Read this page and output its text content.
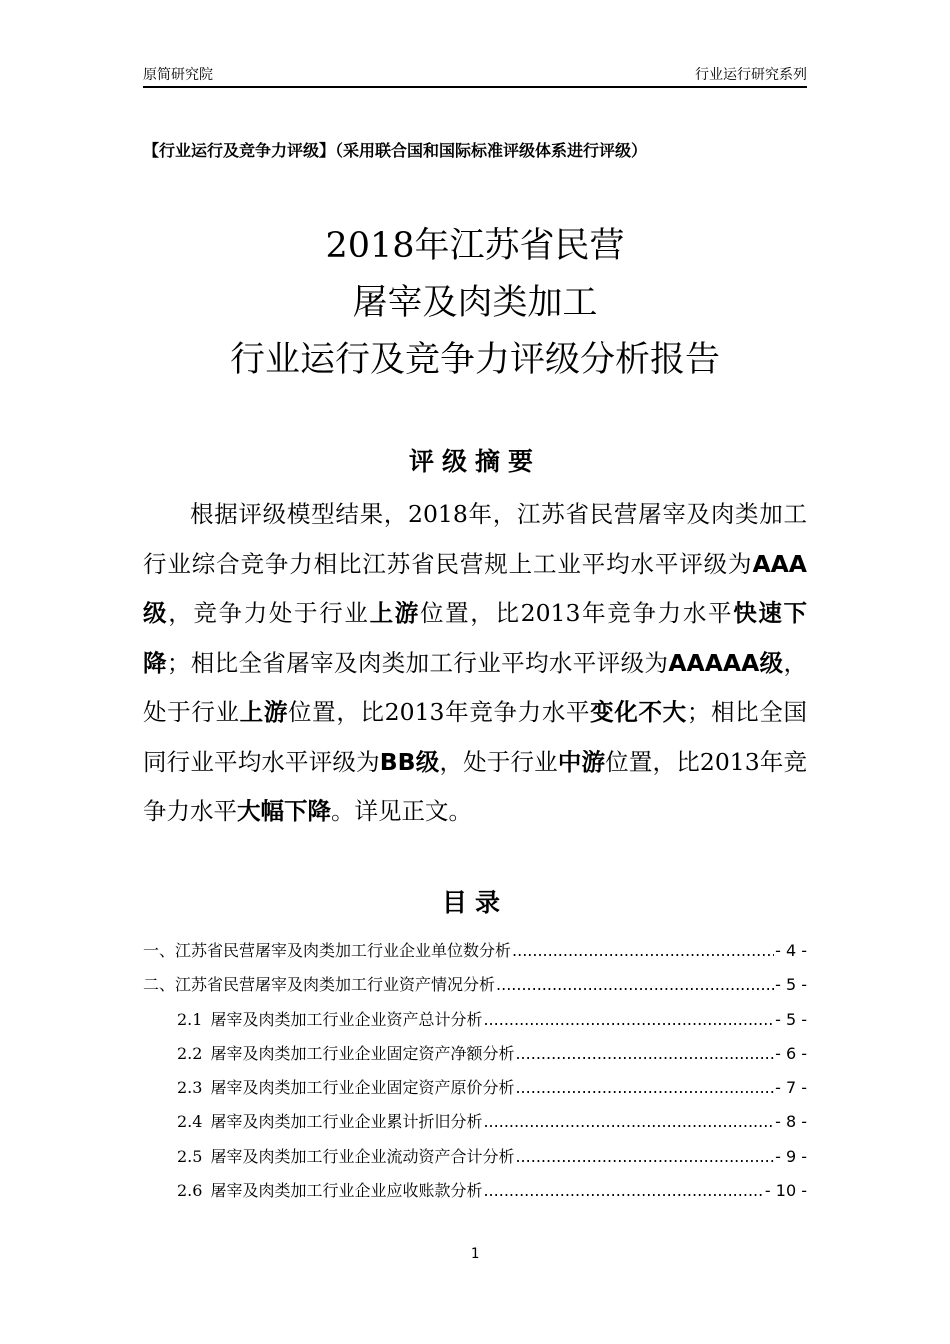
原简研究院	行业运行研究系列
【行业运行及竞争力评级】（采用联合国和国际标准评级体系进行评级）
2018年江苏省民营
屠宰及肉类加工
行业运行及竞争力评级分析报告
评级摘要

根据评级模型结果，2018年，江苏省民营屠宰及肉类加工行业综合竞争力相比江苏省民营规上工业平均水平评级为AAA级，竞争力处于行业上游位置，比2013年竞争力水平快速下降；相比全省屠宰及肉类加工行业平均水平评级为AAAAA级，处于行业上游位置，比2013年竞争力水平变化不大；相比全国同行业平均水平评级为BB级，处于行业中游位置，比2013年竞争力水平大幅下降。详见正文。

目录
一、 江苏省民营屠宰及肉类加工行业企业单位数分析 .....	- 4 -
二、 江苏省民营屠宰及肉类加工行业资产情况分析 .....	- 5 -
2.1 屠宰及肉类加工行业企业资产总计分析 .....	- 5 -
2.2 屠宰及肉类加工行业企业固定资产净额分析 .....	- 6 -
2.3 屠宰及肉类加工行业企业固定资产原价分析 .....	- 7 -
2.4 屠宰及肉类加工行业企业累计折旧分析 .....	- 8 -
2.5 屠宰及肉类加工行业企业流动资产合计分析 .....	- 9 -
2.6 屠宰及肉类加工行业企业应收账款分析 .....	- 10 -
1
